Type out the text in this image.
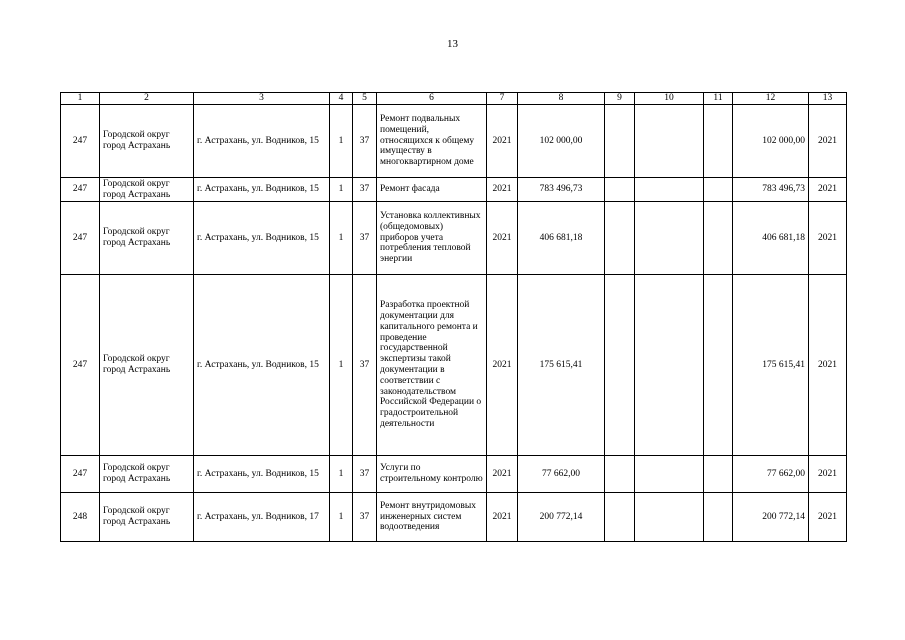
13
1	2	3	4	5	6	7	8	9	10	11	12	13
247	Городской округ город Астрахань	г. Астрахань, ул. Водников, 15	1	37	Ремонт подвальных помещений, относящихся к общему имуществу в многоквартирном доме	2021	102 000,00				102 000,00	2021
247	Городской округ город Астрахань	г. Астрахань, ул. Водников, 15	1	37	Ремонт фасада	2021	783 496,73				783 496,73	2021
247	Городской округ город Астрахань	г. Астрахань, ул. Водников, 15	1	37	Установка коллективных (общедомовых) приборов учета потребления тепловой энергии	2021	406 681,18				406 681,18	2021
247	Городской округ город Астрахань	г. Астрахань, ул. Водников, 15	1	37	Разработка проектной документации для капитального ремонта и проведение государственной экспертизы такой документации в соответствии с законодательством Российской Федерации о градостроительной деятельности	2021	175 615,41				175 615,41	2021
247	Городской округ город Астрахань	г. Астрахань, ул. Водников, 15	1	37	Услуги по строительному контролю	2021	77 662,00				77 662,00	2021
248	Городской округ город Астрахань	г. Астрахань, ул. Водников, 17	1	37	Ремонт внутридомовых инженерных систем водоотведения	2021	200 772,14				200 772,14	2021
